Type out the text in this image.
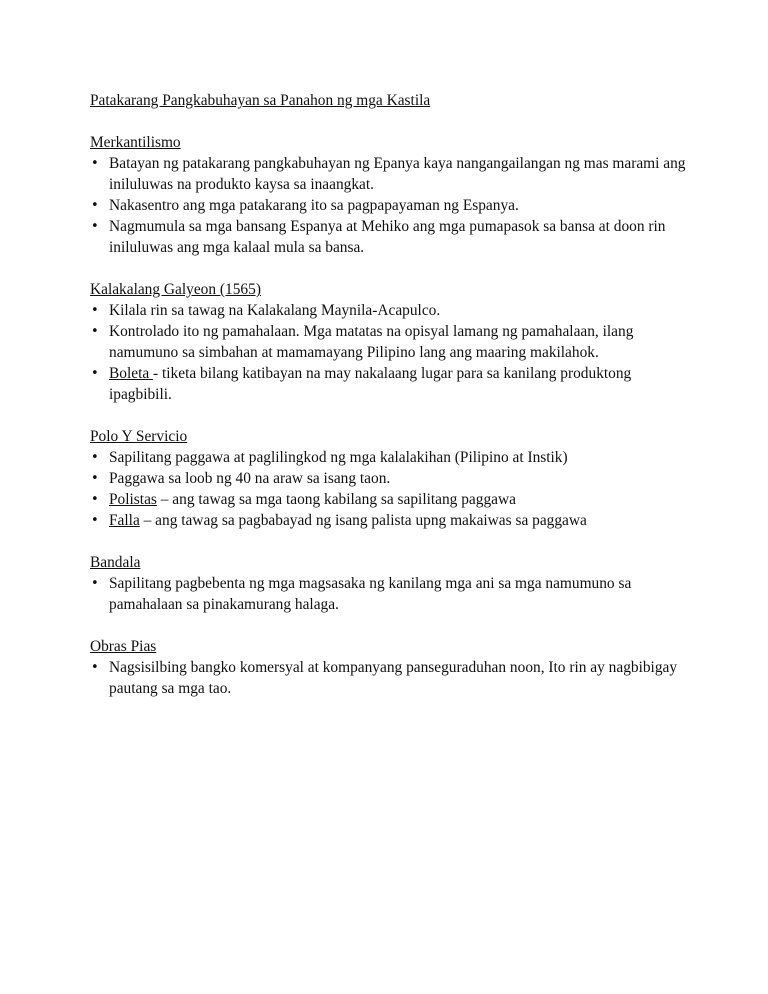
Patakarang Pangkabuhayan sa Panahon ng mga Kastila
Merkantilismo
• Batayan ng patakarang pangkabuhayan ng Epanya kaya nangangailangan ng mas marami ang iniluluwas na produkto kaysa sa inaangkat.
• Nakasentro ang mga patakarang ito sa pagpapayaman ng Espanya.
• Nagmumula sa mga bansang Espanya at Mehiko ang mga pumapasok sa bansa at doon rin iniluluwas ang mga kalaal mula sa bansa.
Kalakalang Galyeon (1565)
• Kilala rin sa tawag na Kalakalang Maynila-Acapulco.
• Kontrolado ito ng pamahalaan. Mga matatas na opisyal lamang ng pamahalaan, ilang namumuno sa simbahan at mamamayang Pilipino lang ang maaring makilahok.
• Boleta - tiketa bilang katibayan na may nakalaang lugar para sa kanilang produktong ipagbibili.
Polo Y Servicio
• Sapilitang paggawa at paglilingkod ng mga kalalakihan (Pilipino at Instik)
• Paggawa sa loob ng 40 na araw sa isang taon.
• Polistas – ang tawag sa mga taong kabilang sa sapilitang paggawa
• Falla – ang tawag sa pagbabayad ng isang palista upng makaiwas sa paggawa
Bandala
• Sapilitang pagbebenta ng mga magsasaka ng kanilang mga ani sa mga namumuno sa pamahalaan sa pinakamurang halaga.
Obras Pias
• Nagsisilbing bangko komersyal at kompanyang panseguraduhan noon, Ito rin ay nagbibigay pautang sa mga tao.
